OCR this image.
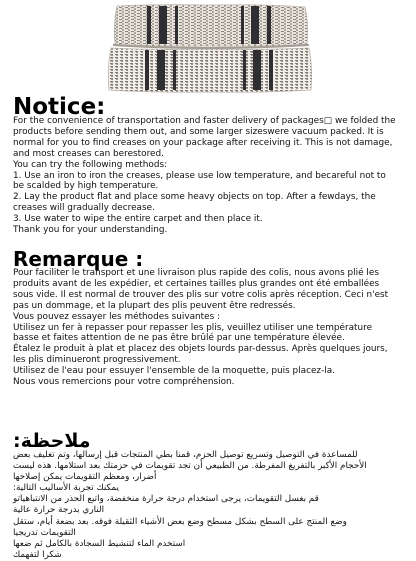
Notice:

For the convenience of transportation and faster delivery of packages□ we folded the

products before sending them out, and some larger sizeswere vacuum packed. It is

normal for you to find creases on your package after receiving it. This is not damage,

and most creases can berestored.

You can try the following methods:

1. Use an iron to iron the creases, please use low temperature, and becareful not to

be scalded by high temperature.

2. Lay the product flat and place some heavy objects on top. After a fewdays, the

creases will gradually decrease.

3. Use water to wipe the entire carpet and then place it.

Thank you for your understanding.

Remarque :

Pour faciliter le transport et une livraison plus rapide des colis, nous avons plié les

produits avant de les expédier, et certaines tailles plus grandes ont été emballées

sous vide. Il est normal de trouver des plis sur votre colis après réception. Ceci n'est

pas un dommage, et la plupart des plis peuvent être redressés.

Vous pouvez essayer les méthodes suivantes :

Utilisez un fer à repasser pour repasser les plis, veuillez utiliser une température

basse et faites attention de ne pas être brûlé par une température élevée.

Étalez le produit à plat et placez des objets lourds par-dessus. Après quelques jours,

les plis diminueront progressivement.

Utilisez de l'eau pour essuyer l'ensemble de la moquette, puis placez-la.

Nous vous remercions pour votre compréhension.

ملاحظة:

للمساعدة في التوصيل وتسريع توصيل الحزم، قمنا بطي المنتجات قبل إرسالها، وتم تغليف بعض

الأحجام الأكبر بالتفريغ المفرطة. من الطبيعي أن تجد تقويمات في حزمتك بعد استلامها. هذه ليست

أضرار، ومعظم التقويمات يمكن إصلاحها

يمكنك تجربة الأساليب التالية:

قم بغسل التقويمات، يرجى استخدام درجة حرارة منخفضة، واتبع الحذر من الانتباهياتو

الناري بدرجة حرارة عالية

وضع المنتج على السطح بشكل مسطح وضع بعض الأشياء الثقيلة فوقه. بعد بضعة أيام، ستقل

التقويمات تدريجيا

استخدم الماء لتنشيط السجادة بالكامل ثم ضعها

شكرا لتفهمك
